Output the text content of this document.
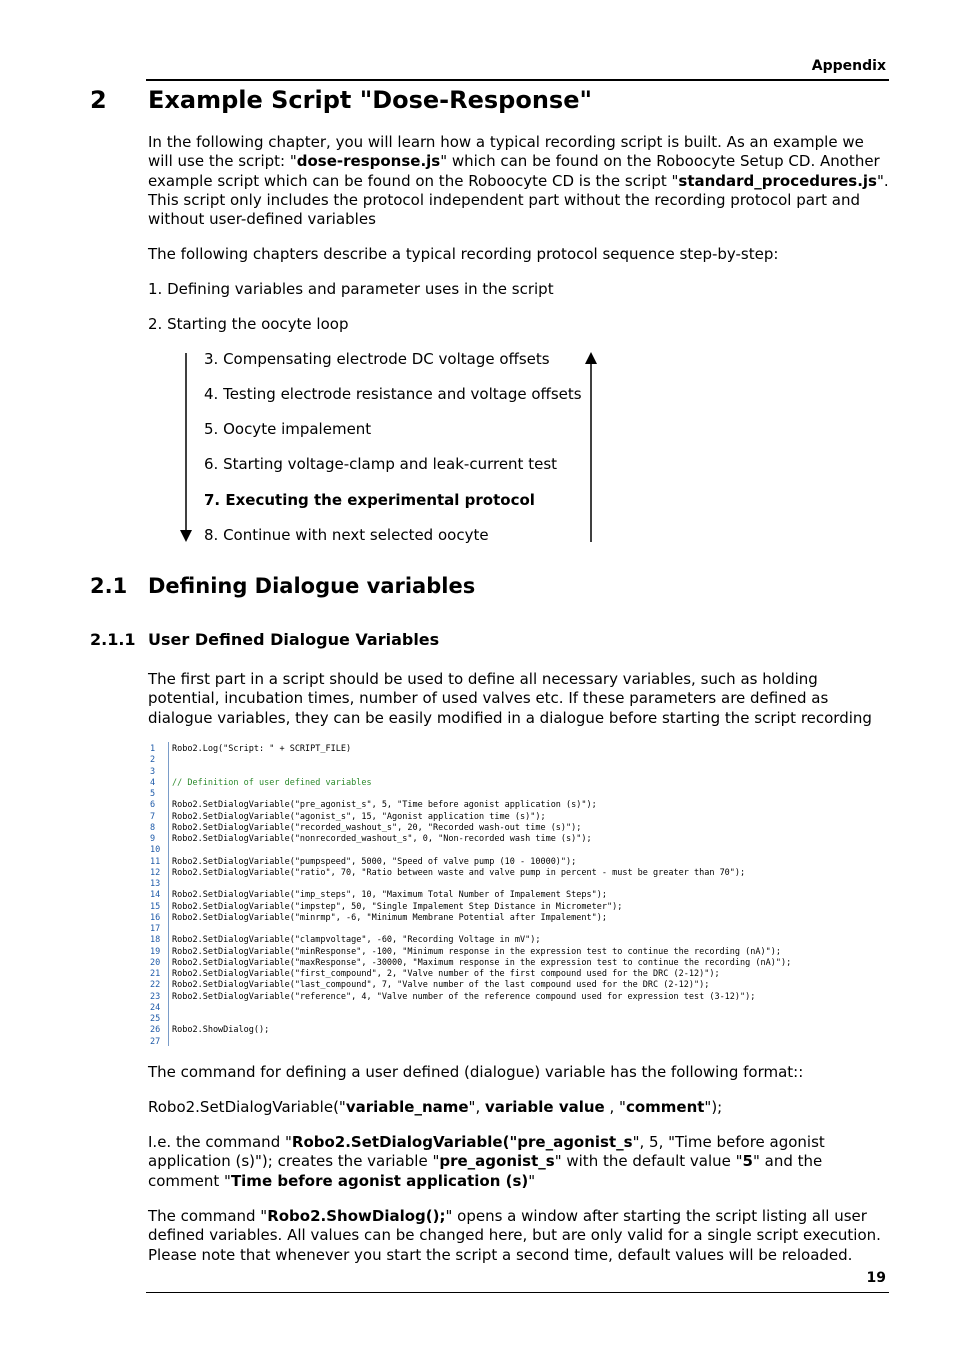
Appendix
2 Example Script "Dose-Response"
In the following chapter, you will learn how a typical recording script is built. As an example we will use the script: "dose-response.js" which can be found on the Roboocyte Setup CD. Another example script which can be found on the Roboocyte CD is the script "standard_procedures.js". This script only includes the protocol independent part without the recording protocol part and without user-defined variables
The following chapters describe a typical recording protocol sequence step-by-step:
1. Defining variables and parameter uses in the script
2. Starting the oocyte loop
3. Compensating electrode DC voltage offsets
4. Testing electrode resistance and voltage offsets
5. Oocyte impalement
6. Starting voltage-clamp and leak-current test
7. Executing the experimental protocol
8. Continue with next selected oocyte
2.1 Defining Dialogue variables
2.1.1 User Defined Dialogue Variables
The first part in a script should be used to define all necessary variables, such as holding potential, incubation times, number of used valves etc. If these parameters are defined as dialogue variables, they can be easily modified in a dialogue before starting the script recording
1
2
3
4
5
6
7
8
9
10
11
12
13
14
15
16
17
18
19
20
21
22
23
24
25
26
27
Robo2.Log("Script: " + SCRIPT_FILE)
// Definition of user defined variables
Robo2.SetDialogVariable("pre_agonist_s", 5, "Time before agonist application (s)");
Robo2.SetDialogVariable("agonist_s", 15, "Agonist application time (s)");
Robo2.SetDialogVariable("recorded_washout_s", 20, "Recorded wash-out time (s)");
Robo2.SetDialogVariable("nonrecorded_washout_s", 0, "Non-recorded wash time (s)");
Robo2.SetDialogVariable("pumpspeed", 5000, "Speed of valve pump (10 - 10000)");
Robo2.SetDialogVariable("ratio", 70, "Ratio between waste and valve pump in percent - must be greater than 70");
Robo2.SetDialogVariable("imp_steps", 10, "Maximum Total Number of Impalement Steps");
Robo2.SetDialogVariable("impstep", 50, "Single Impalement Step Distance in Micrometer");
Robo2.SetDialogVariable("minrmp", -6, "Minimum Membrane Potential after Impalement");
Robo2.SetDialogVariable("clampvoltage", -60, "Recording Voltage in mV");
Robo2.SetDialogVariable("minResponse", -100, "Minimum response in the expression test to continue the recording (nA)");
Robo2.SetDialogVariable("maxResponse", -30000, "Maximum response in the expression test to continue the recording (nA)");
Robo2.SetDialogVariable("first_compound", 2, "Valve number of the first compound used for the DRC (2-12)");
Robo2.SetDialogVariable("last_compound", 7, "Valve number of the last compound used for the DRC (2-12)");
Robo2.SetDialogVariable("reference", 4, "Valve number of the reference compound used for expression test (3-12)");
Robo2.ShowDialog();
The command for defining a user defined (dialogue) variable has the following format::
Robo2.SetDialogVariable("variable_name", variable value , "comment");
I.e. the command "Robo2.SetDialogVariable("pre_agonist_s", 5, "Time before agonist application (s)"); creates the variable "pre_agonist_s" with the default value "5" and the comment "Time before agonist application (s)"
The command "Robo2.ShowDialog();" opens a window after starting the script listing all user defined variables. All values can be changed here, but are only valid for a single script execution. Please note that whenever you start the script a second time, default values will be reloaded.
19
